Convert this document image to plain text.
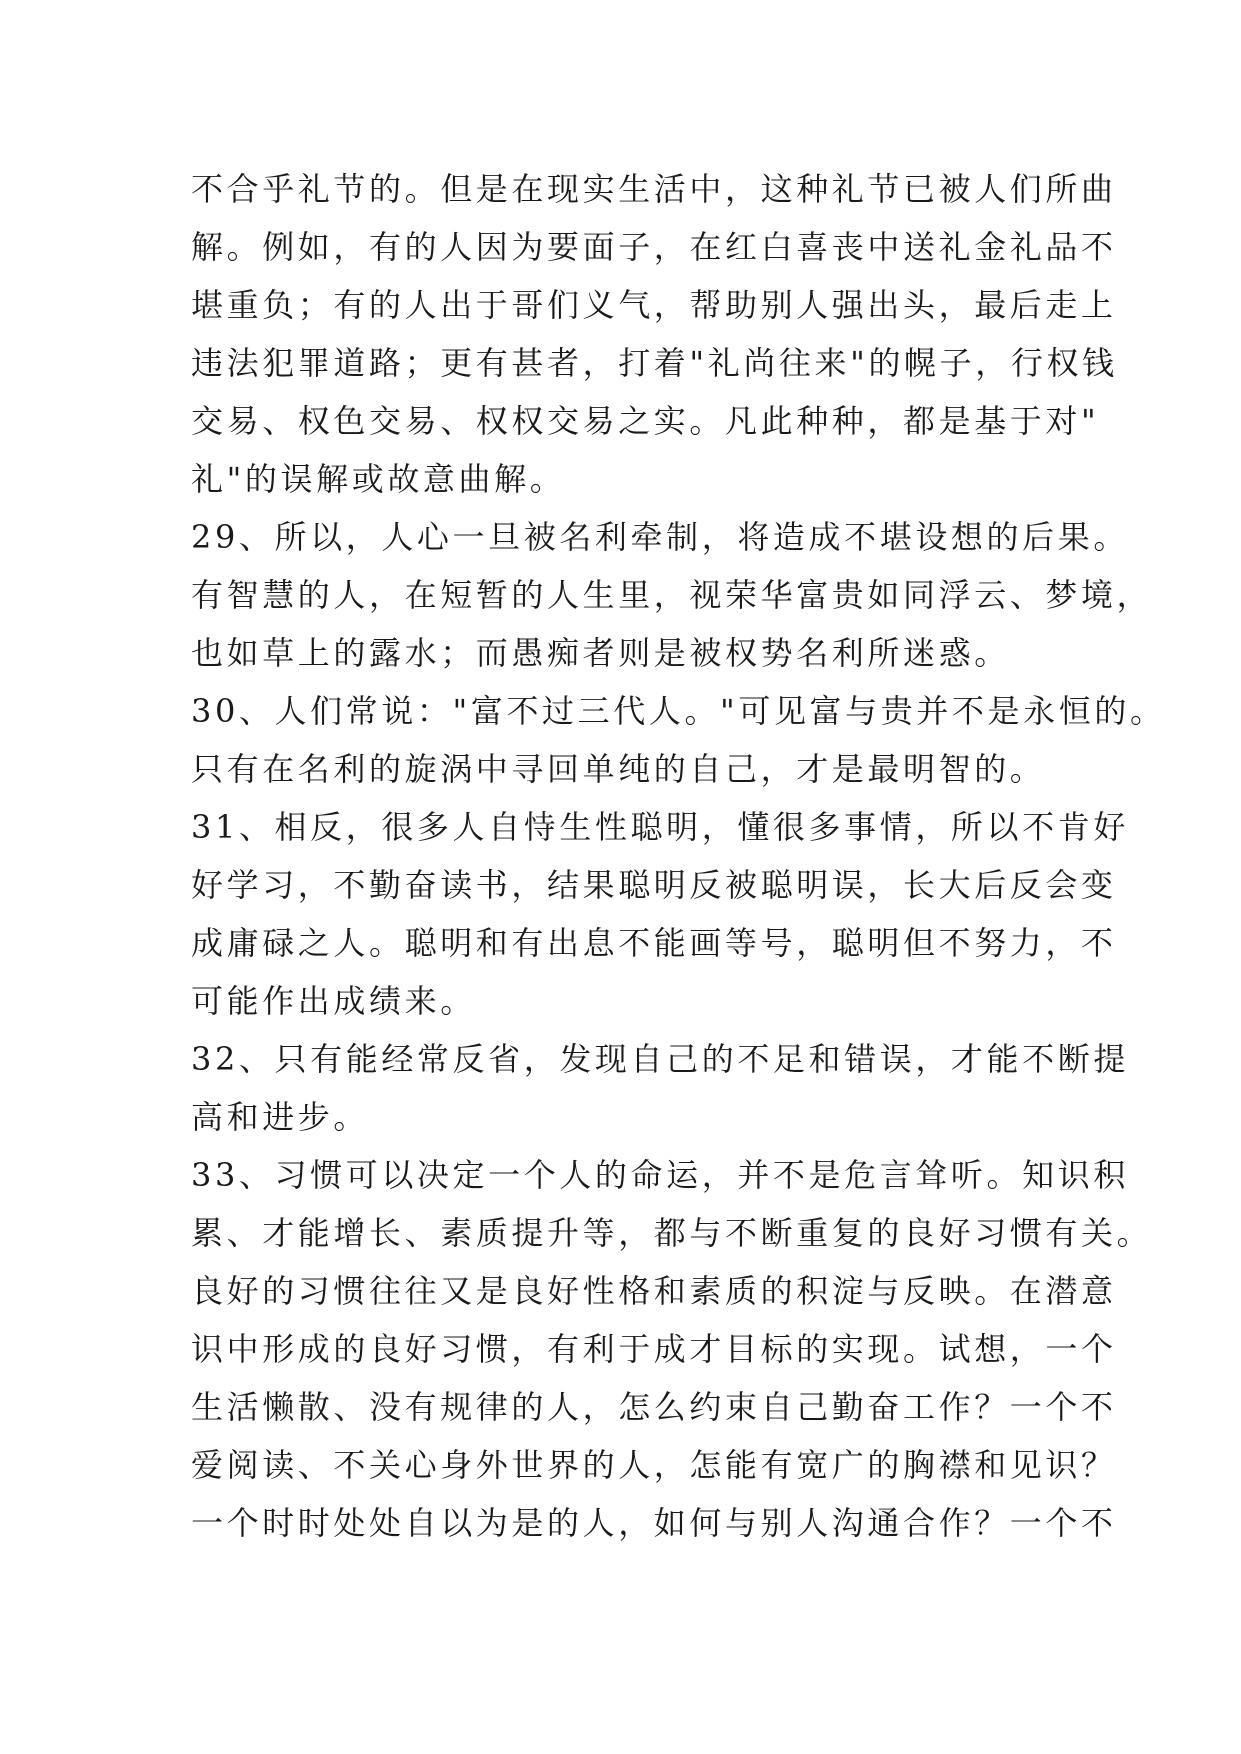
不合乎礼节的。但是在现实生活中，这种礼节已被人们所曲
解。例如，有的人因为要面子，在红白喜丧中送礼金礼品不
堪重负；有的人出于哥们义气，帮助别人强出头，最后走上
违法犯罪道路；更有甚者，打着"礼尚往来"的幌子，行权钱
交易、权色交易、权权交易之实。凡此种种，都是基于对"
礼"的误解或故意曲解。
29、所以，人心一旦被名利牵制，将造成不堪设想的后果。
有智慧的人，在短暂的人生里，视荣华富贵如同浮云、梦境，
也如草上的露水；而愚痴者则是被权势名利所迷惑。
30、人们常说："富不过三代人。"可见富与贵并不是永恒的。
只有在名利的旋涡中寻回单纯的自己，才是最明智的。
31、相反，很多人自恃生性聪明，懂很多事情，所以不肯好
好学习，不勤奋读书，结果聪明反被聪明误，长大后反会变
成庸碌之人。聪明和有出息不能画等号，聪明但不努力，不
可能作出成绩来。
32、只有能经常反省，发现自己的不足和错误，才能不断提
高和进步。
33、习惯可以决定一个人的命运，并不是危言耸听。知识积
累、才能增长、素质提升等，都与不断重复的良好习惯有关。
良好的习惯往往又是良好性格和素质的积淀与反映。在潜意
识中形成的良好习惯，有利于成才目标的实现。试想，一个
生活懒散、没有规律的人，怎么约束自己勤奋工作？一个不
爱阅读、不关心身外世界的人，怎能有宽广的胸襟和见识？
一个时时处处自以为是的人，如何与别人沟通合作？一个不
